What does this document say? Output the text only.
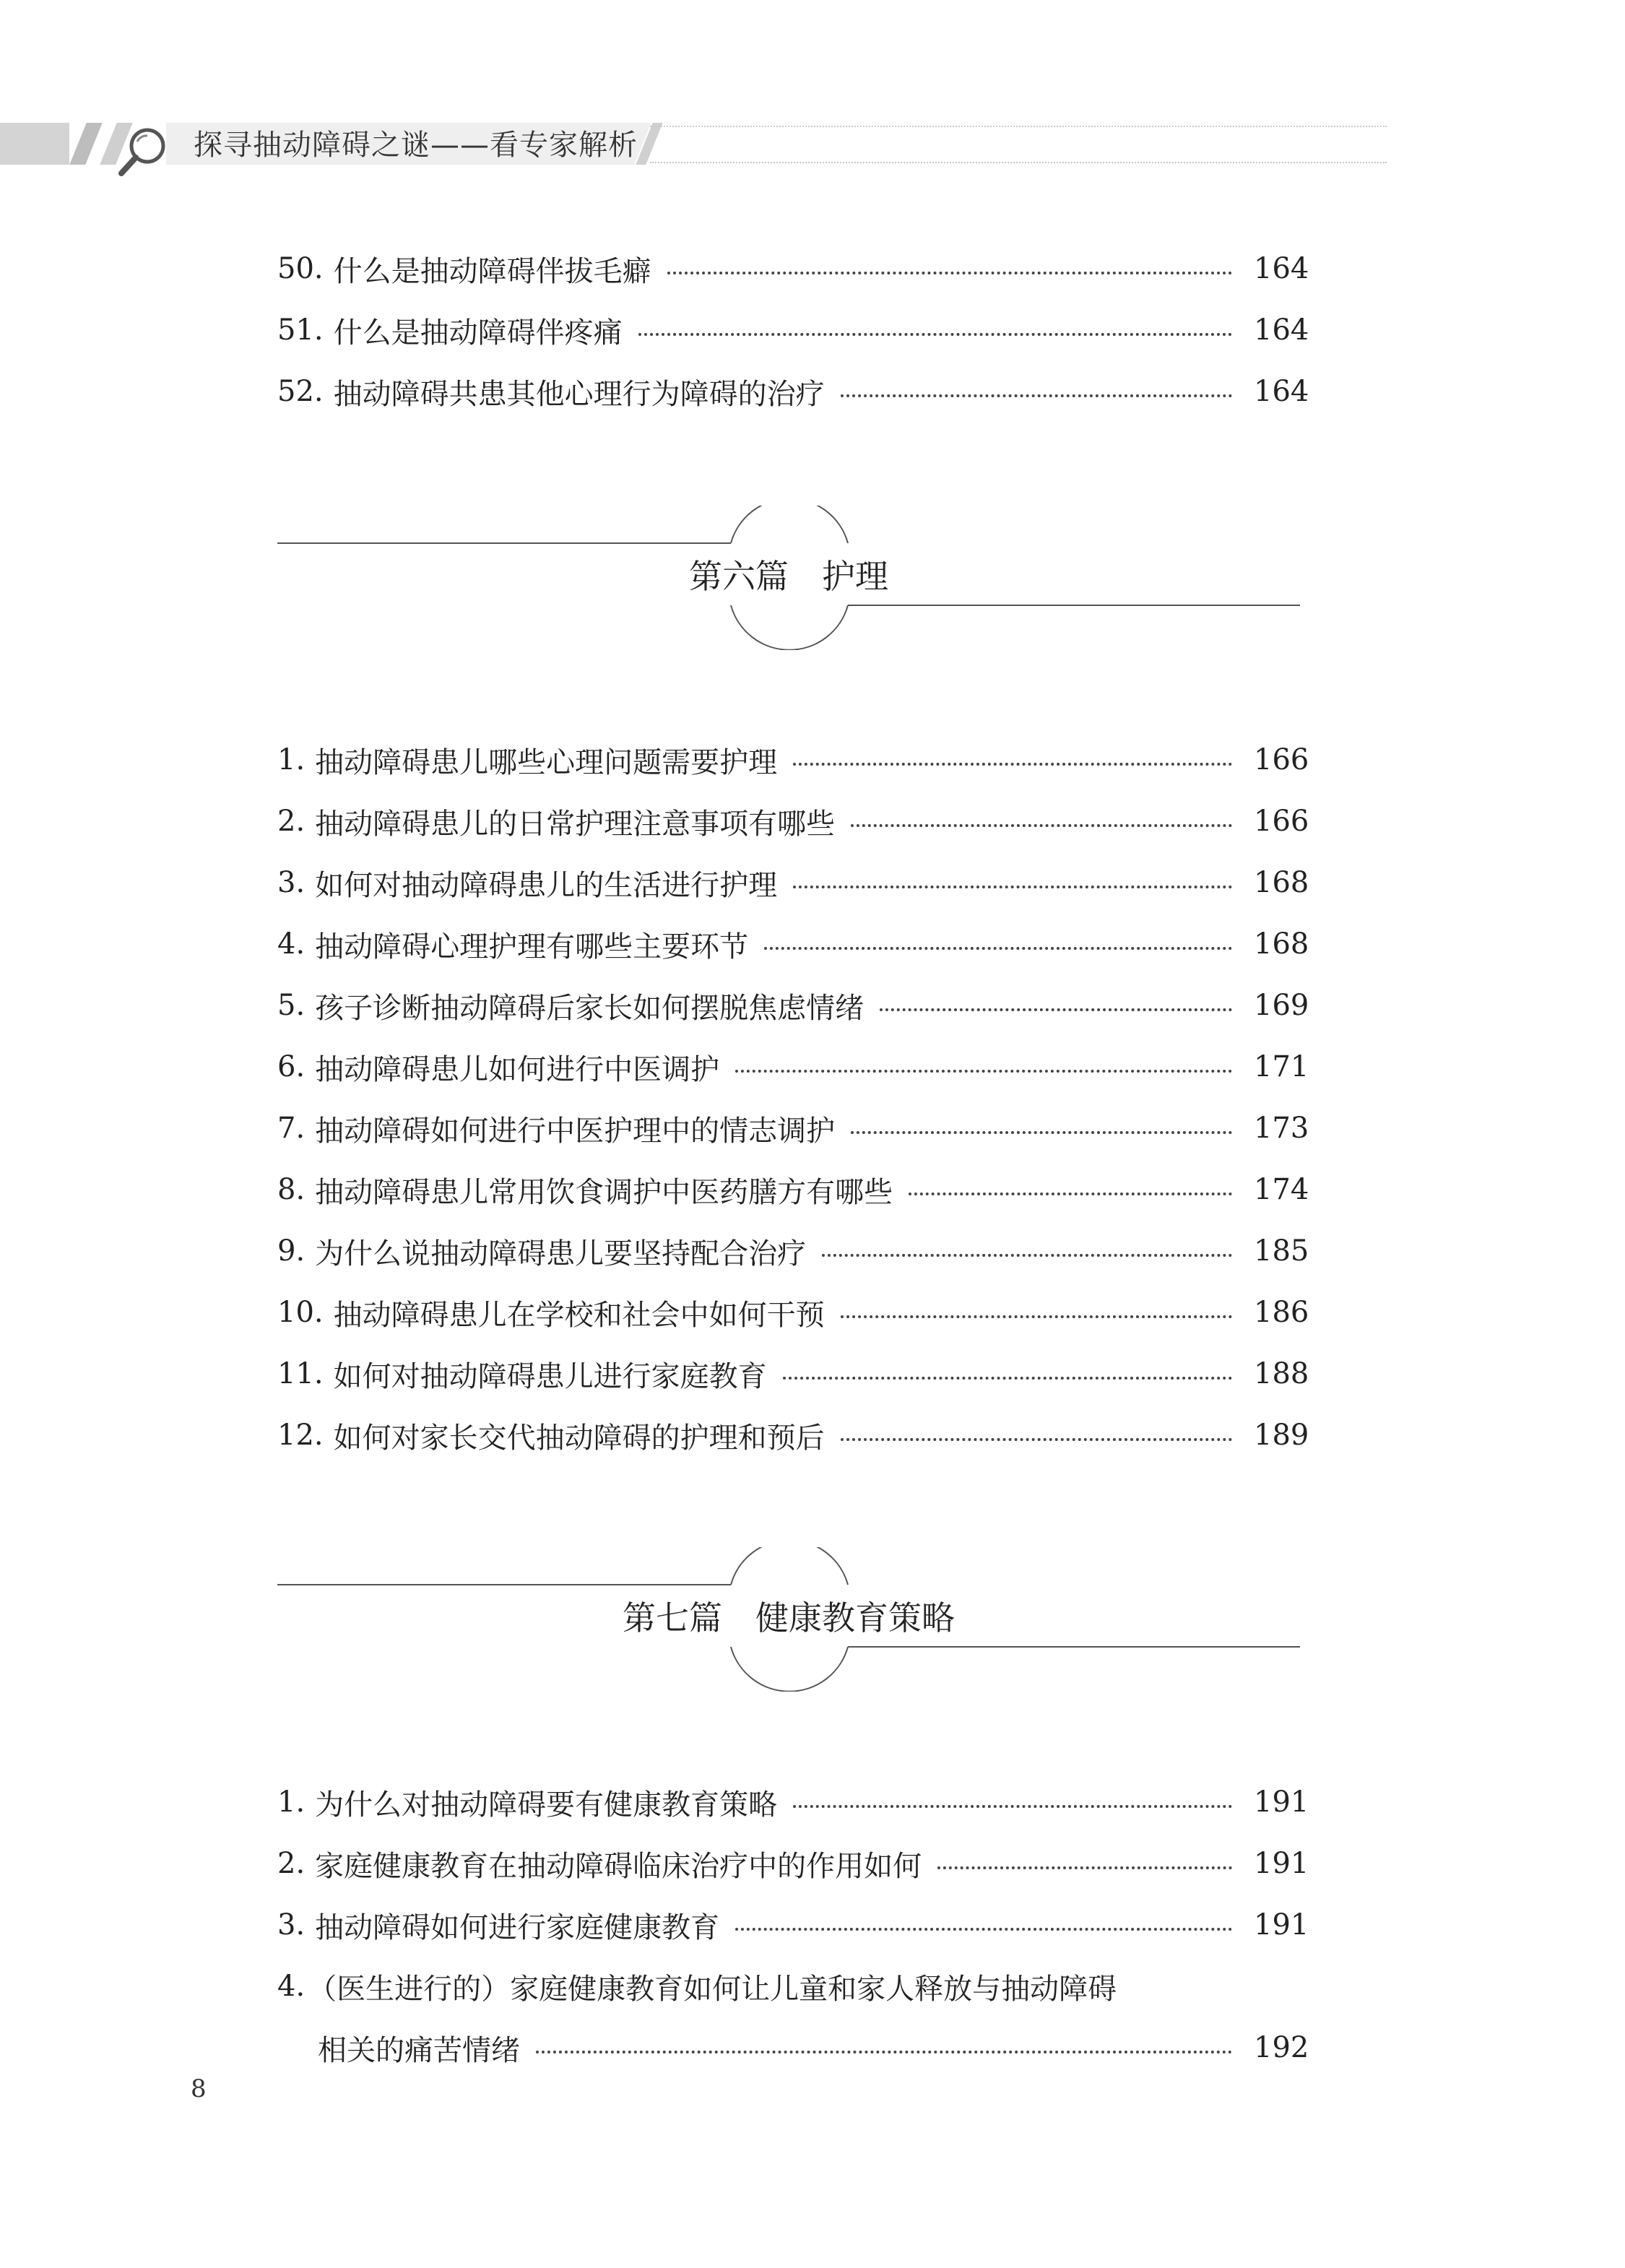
探寻抽动障碍之谜——看专家解析
50. 什么是抽动障碍伴拔毛癖	164
51. 什么是抽动障碍伴疼痛	164
52. 抽动障碍共患其他心理行为障碍的治疗	164
第六篇　护理
1. 抽动障碍患儿哪些心理问题需要护理	166
2. 抽动障碍患儿的日常护理注意事项有哪些	166
3. 如何对抽动障碍患儿的生活进行护理	168
4. 抽动障碍心理护理有哪些主要环节	168
5. 孩子诊断抽动障碍后家长如何摆脱焦虑情绪	169
6. 抽动障碍患儿如何进行中医调护	171
7. 抽动障碍如何进行中医护理中的情志调护	173
8. 抽动障碍患儿常用饮食调护中医药膳方有哪些	174
9. 为什么说抽动障碍患儿要坚持配合治疗	185
10. 抽动障碍患儿在学校和社会中如何干预	186
11. 如何对抽动障碍患儿进行家庭教育	188
12. 如何对家长交代抽动障碍的护理和预后	189
第七篇　健康教育策略
1. 为什么对抽动障碍要有健康教育策略	191
2. 家庭健康教育在抽动障碍临床治疗中的作用如何	191
3. 抽动障碍如何进行家庭健康教育	191
4. （医生进行的）家庭健康教育如何让儿童和家人释放与抽动障碍
相关的痛苦情绪	192
8
